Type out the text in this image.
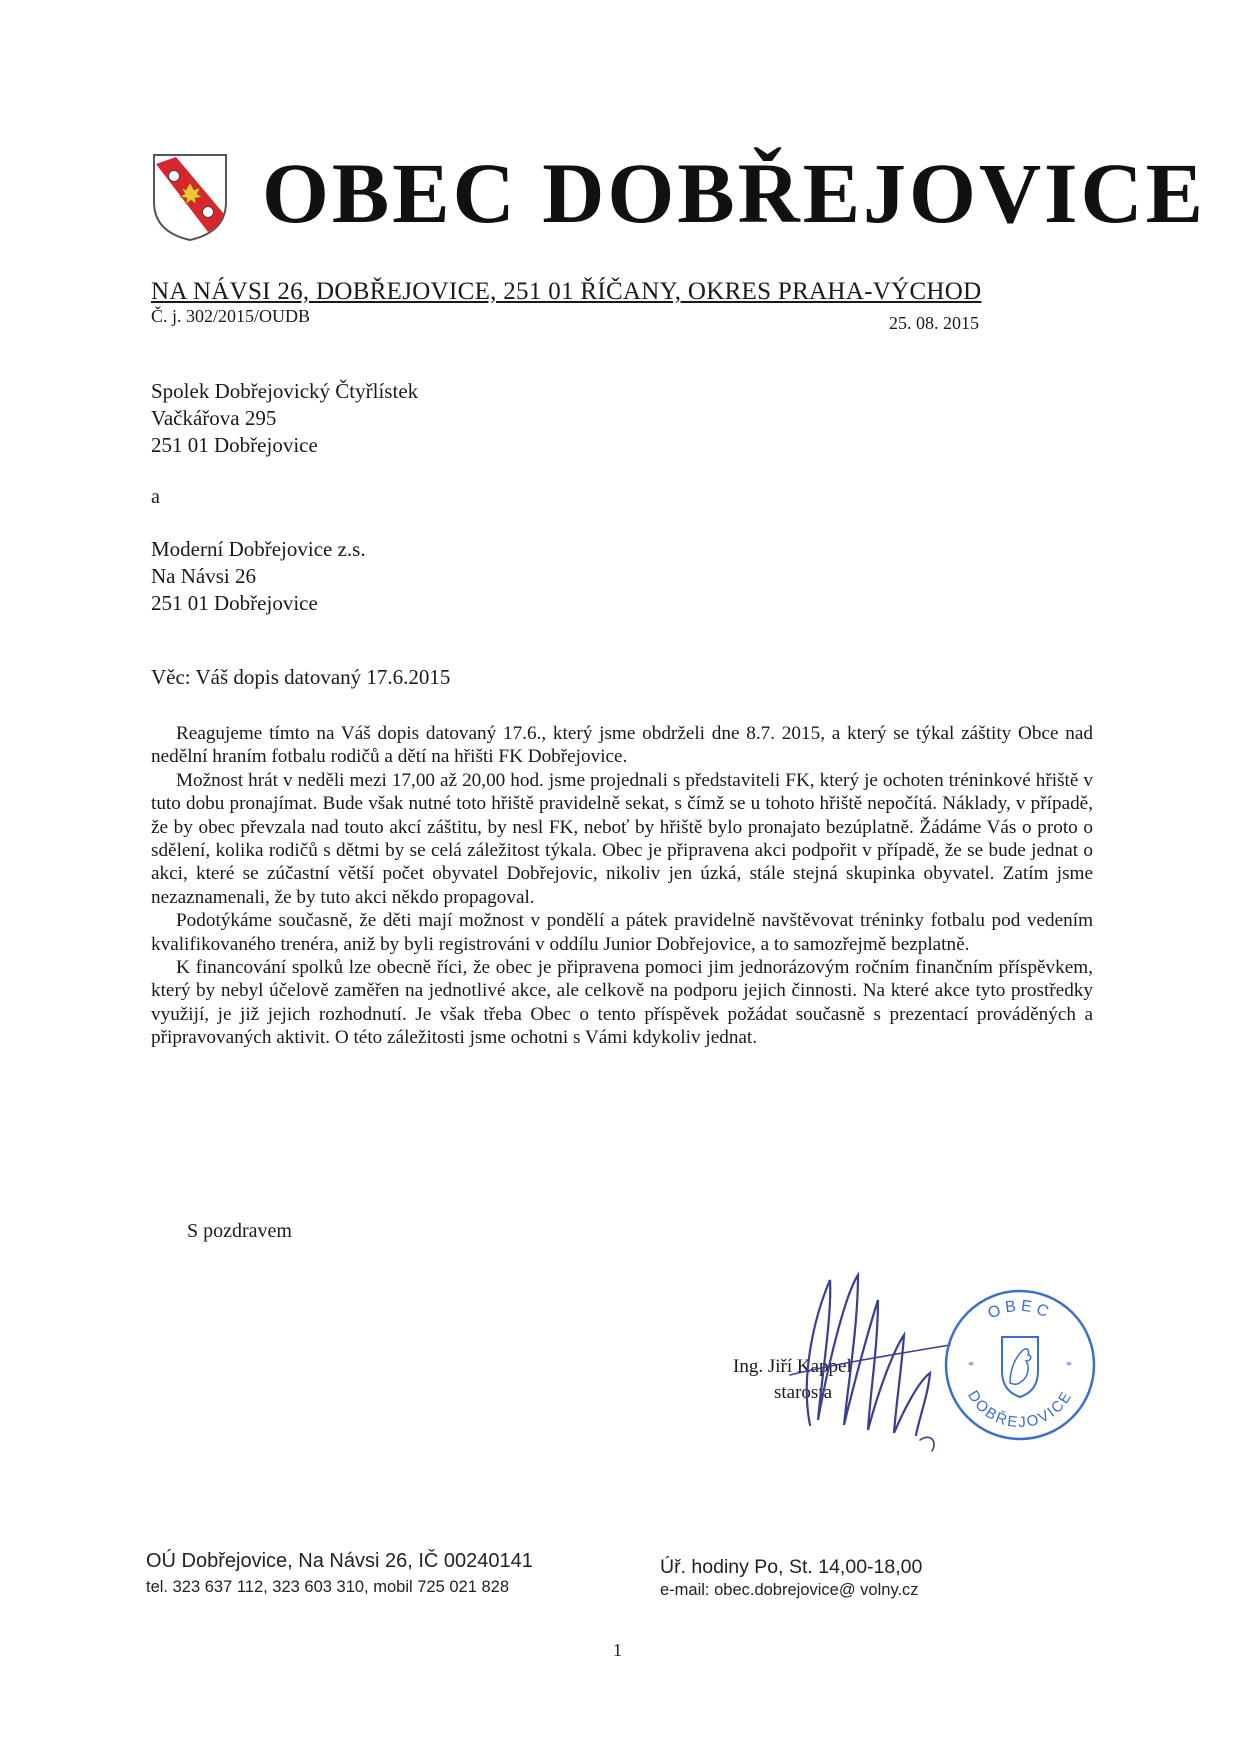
OBEC DOBŘEJOVICE
NA NÁVSI 26, DOBŘEJOVICE, 251 01 ŘÍČANY, OKRES PRAHA-VÝCHOD
Č. j. 302/2015/OUDB	25. 08. 2015
Spolek Dobřejovický Čtyřlístek
Vačkářova 295
251 01 Dobřejovice
a
Moderní Dobřejovice z.s.
Na Návsi 26
251 01 Dobřejovice
Věc: Váš dopis datovaný 17.6.2015

Reagujeme tímto na Váš dopis datovaný 17.6., který jsme obdrželi dne 8.7. 2015, a který se týkal záštity Obce nad nedělní hraním fotbalu rodičů a dětí na hřišti FK Dobřejovice.

Možnost hrát v neděli mezi 17,00 až 20,00 hod. jsme projednali s představiteli FK, který je ochoten tréninkové hřiště v tuto dobu pronajímat. Bude však nutné toto hřiště pravidelně sekat, s čímž se u tohoto hřiště nepočítá. Náklady, v případě, že by obec převzala nad touto akcí záštitu, by nesl FK, neboť by hřiště bylo pronajato bezúplatně. Žádáme Vás o proto o sdělení, kolika rodičů s dětmi by se celá záležitost týkala. Obec je připravena akci podpořit v případě, že se bude jednat o akci, které se zúčastní větší počet obyvatel Dobřejovic, nikoliv jen úzká, stále stejná skupinka obyvatel. Zatím jsme nezaznamenali, že by tuto akci někdo propagoval.

Podotýkáme současně, že děti mají možnost v pondělí a pátek pravidelně navštěvovat tréninky fotbalu pod vedením kvalifikovaného trenéra, aniž by byli registrováni v oddílu Junior Dobřejovice, a to samozřejmě bezplatně.

K financování spolků lze obecně říci, že obec je připravena pomoci jim jednorázovým ročním finančním příspěvkem, který by nebyl účelově zaměřen na jednotlivé akce, ale celkově na podporu jejich činnosti. Na které akce tyto prostředky využijí, je již jejich rozhodnutí. Je však třeba Obec o tento příspěvek požádat současně s prezentací prováděných a připravovaných aktivit. O této záležitosti jsme ochotni s Vámi kdykoliv jednat.

S pozdravem
Ing. Jiří Kappel
starosta
OBEC
DOBŘEJOVICE
*	*
OÚ Dobřejovice, Na Návsi 26, IČ 00240141
tel. 323 637 112, 323 603 310, mobil 725 021 828
Úř. hodiny Po, St. 14,00-18,00
e-mail: obec.dobrejovice@ volny.cz
1
